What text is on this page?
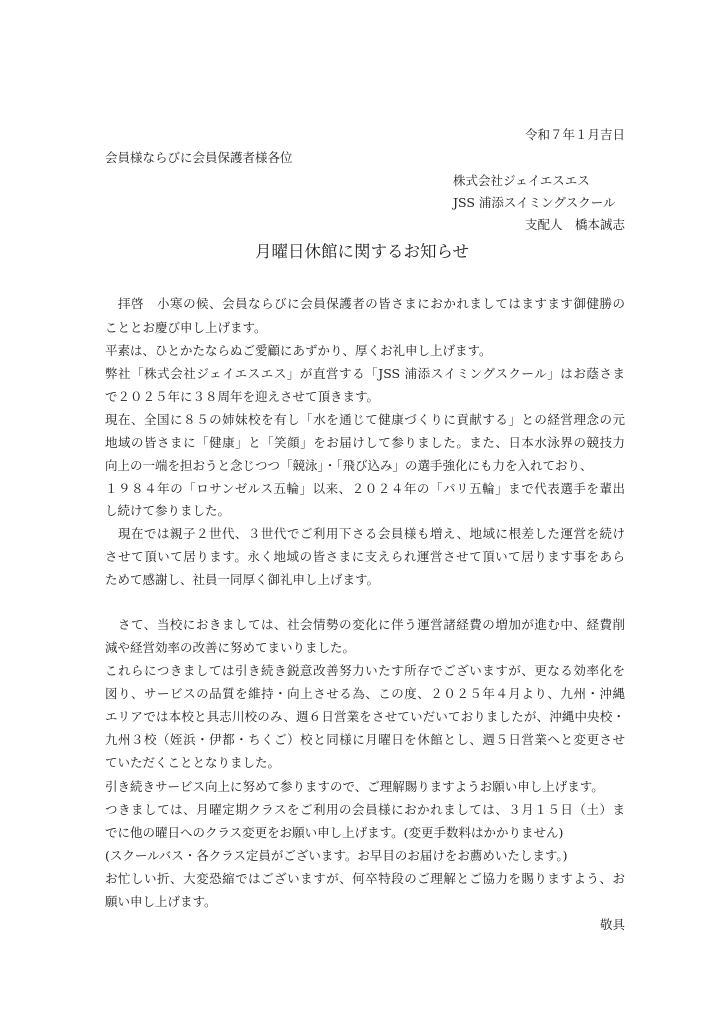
令和７年１月吉日
会員様ならびに会員保護者様各位
株式会社ジェイエスエス
JSS 浦添スイミングスクール
支配人　橋本誠志
月曜日休館に関するお知らせ
　拝啓　小寒の候、会員ならびに会員保護者の皆さまにおかれましてはますます御健勝の
こととお慶び申し上げます。
平素は、ひとかたならぬご愛顧にあずかり、厚くお礼申し上げます。
弊社「株式会社ジェイエスエス」が直営する「JSS 浦添スイミングスクール」はお蔭さま
で２０２５年に３８周年を迎えさせて頂きます。
現在、全国に８５の姉妹校を有し「水を通じて健康づくりに貢献する」との経営理念の元
地域の皆さまに「健康」と「笑顔」をお届けして参りました。また、日本水泳界の競技力
向上の一端を担おうと念じつつ「競泳」・「飛び込み」の選手強化にも力を入れており、
１９８４年の「ロサンゼルス五輪」以来、２０２４年の「パリ五輪」まで代表選手を輩出
し続けて参りました。
　現在では親子２世代、３世代でご利用下さる会員様も増え、地域に根差した運営を続け
させて頂いて居ります。永く地域の皆さまに支えられ運営させて頂いて居ります事をあら
ためて感謝し、社員一同厚く御礼申し上げます。
　さて、当校におきましては、社会情勢の変化に伴う運営諸経費の増加が進む中、経費削
減や経営効率の改善に努めてまいりました。
これらにつきましては引き続き鋭意改善努力いたす所存でございますが、更なる効率化を
図り、サービスの品質を維持・向上させる為、この度、２０２５年４月より、九州・沖縄
エリアでは本校と具志川校のみ、週６日営業をさせていだいておりましたが、沖縄中央校・
九州３校（姪浜・伊都・ちくご）校と同様に月曜日を休館とし、週５日営業へと変更させ
ていただくこととなりました。
引き続きサービス向上に努めて参りますので、ご理解賜りますようお願い申し上げます。
つきましては、月曜定期クラスをご利用の会員様におかれましては、３月１５日（土）ま
でに他の曜日へのクラス変更をお願い申し上げます。(変更手数料はかかりません)
(スクールバス・各クラス定員がございます。お早目のお届けをお薦めいたします。)
お忙しい折、大変恐縮ではございますが、何卒特段のご理解とご協力を賜りますよう、お
願い申し上げます。
敬具
